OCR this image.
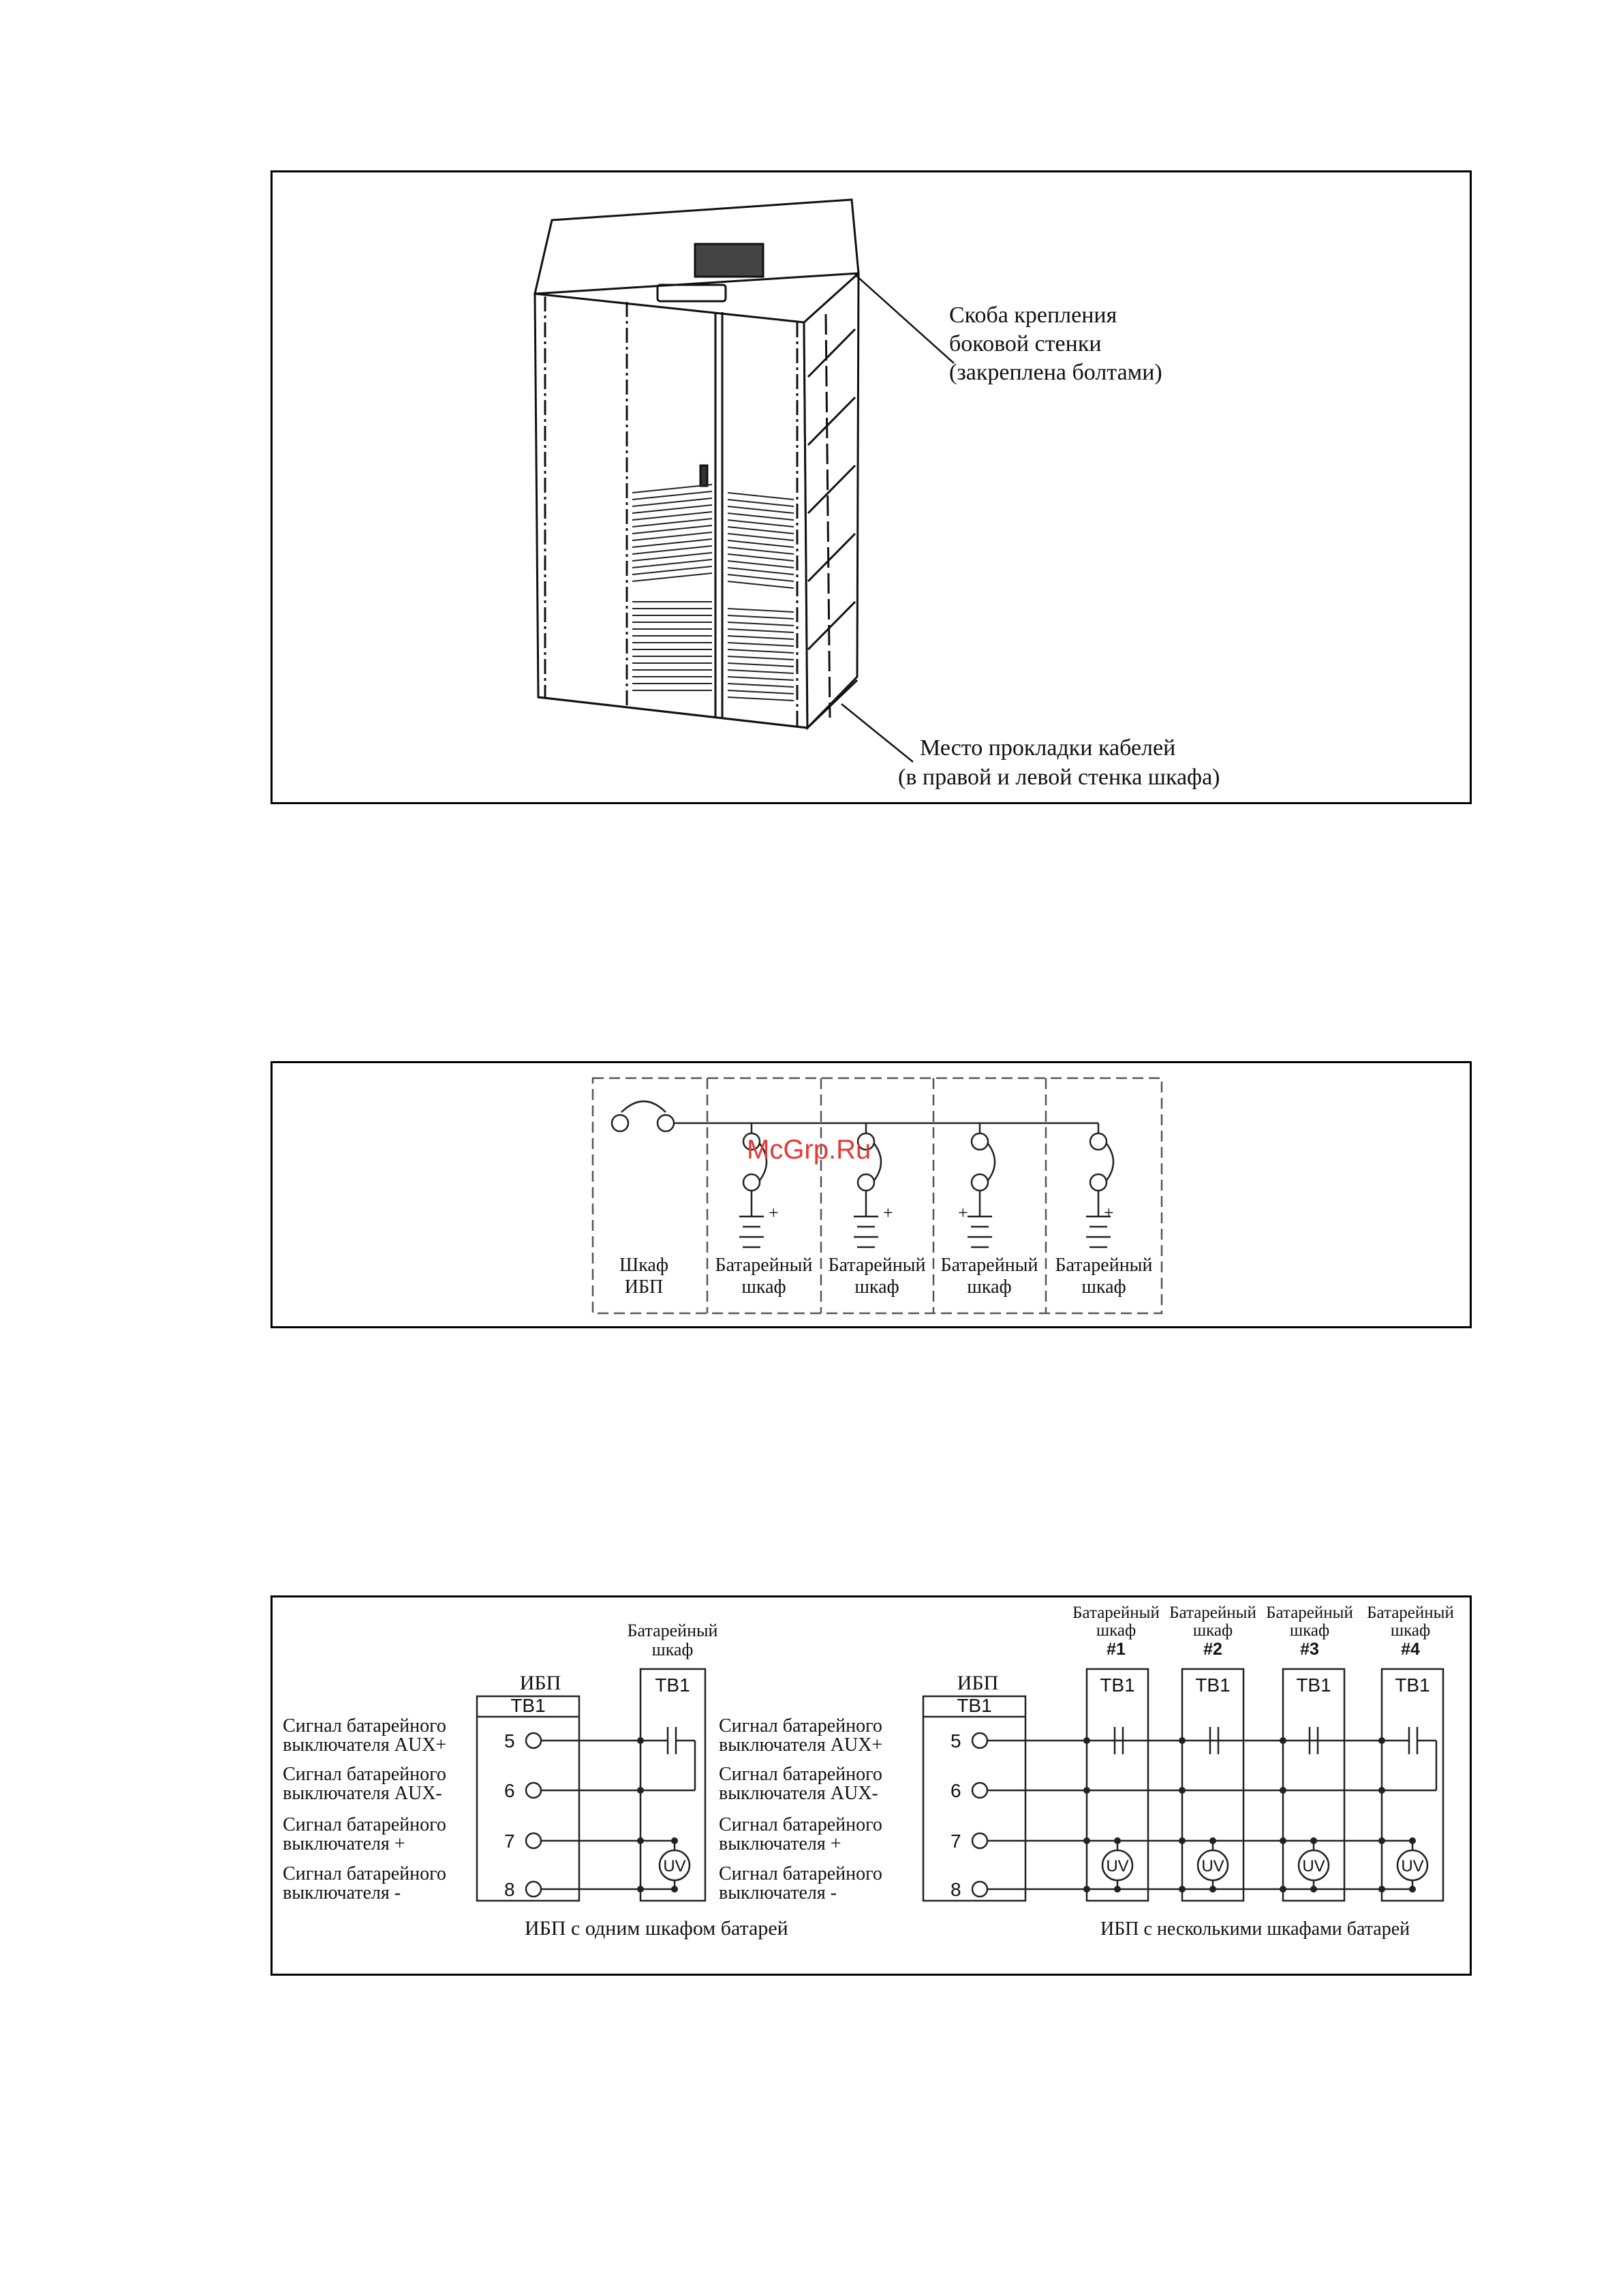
Скоба крепления
боковой стенки
(закреплена болтами)
Место прокладки кабелей
(в правой и левой стенка шкафа)
+	+	+	+
McGrp.Ru
Шкаф
ИБП
Батарейный
шкаф
Батарейный
шкаф
Батарейный
шкаф
Батарейный
шкаф
Сигнал батарейного
выключателя AUX+
Сигнал батарейного
выключателя AUX-
Сигнал батарейного
выключателя +
Сигнал батарейного
выключателя -
ИБП
Батарейный
шкаф
TB1
TB1
5
6
7
8
UV
ИБП с одним шкафом батарей
Сигнал батарейного
выключателя AUX+
Сигнал батарейного
выключателя AUX-
Сигнал батарейного
выключателя +
Сигнал батарейного
выключателя -
ИБП
TB1
TB1	TB1	TB1	TB1
5
6
7
8
UV	UV	UV	UV
Батарейный
шкаф
#1
Батарейный
шкаф
#2
Батарейный
шкаф
#3
Батарейный
шкаф
#4
ИБП с несколькими шкафами батарей
